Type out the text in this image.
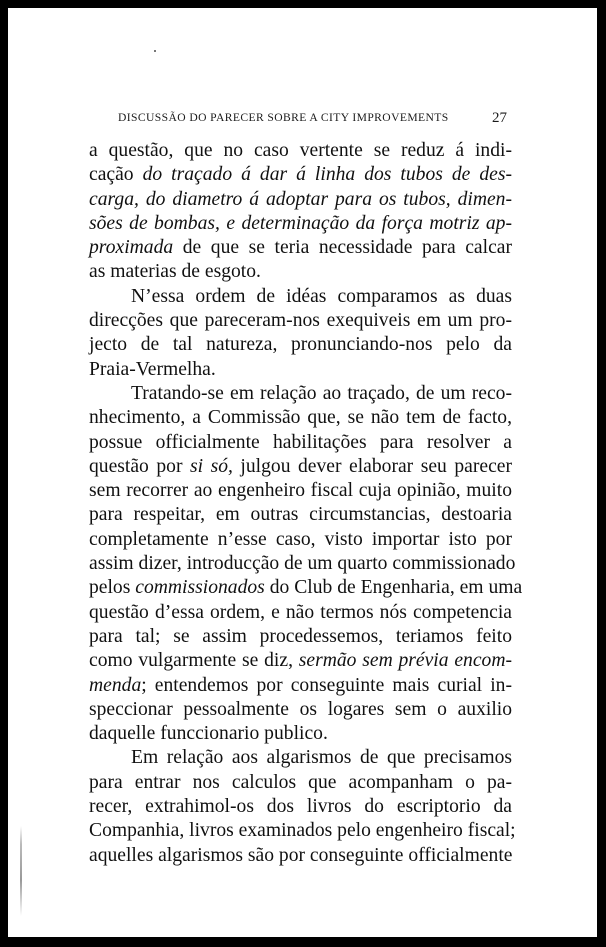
DISCUSSÃO DO PARECER SOBRE A CITY IMPROVEMENTS	27
a questão, que no caso vertente se reduz á indi-
cação do traçado á dar á linha dos tubos de des-
carga, do diametro á adoptar para os tubos, dimen-
sões de bombas, e determinação da força motriz ap-
proximada de que se teria necessidade para calcar
as materias de esgoto.
N’essa ordem de idéas comparamos as duas
direcções que pareceram-nos exequiveis em um pro-
jecto de tal natureza, pronunciando-nos pelo da
Praia-Vermelha.
Tratando-se em relação ao traçado, de um reco-
nhecimento, a Commissão que, se não tem de facto,
possue officialmente habilitações para resolver a
questão por si só, julgou dever elaborar seu parecer
sem recorrer ao engenheiro fiscal cuja opinião, muito
para respeitar, em outras circumstancias, destoaria
completamente n’esse caso, visto importar isto por
assim dizer, introducção de um quarto commissionado
pelos commissionados do Club de Engenharia, em uma
questão d’essa ordem, e não termos nós competencia
para tal; se assim procedessemos, teriamos feito
como vulgarmente se diz, sermão sem prévia encom-
menda; entendemos por conseguinte mais curial in-
speccionar pessoalmente os logares sem o auxilio
daquelle funccionario publico.
Em relação aos algarismos de que precisamos
para entrar nos calculos que acompanham o pa-
recer, extrahimol-os dos livros do escriptorio da
Companhia, livros examinados pelo engenheiro fiscal;
aquelles algarismos são por conseguinte officialmente
